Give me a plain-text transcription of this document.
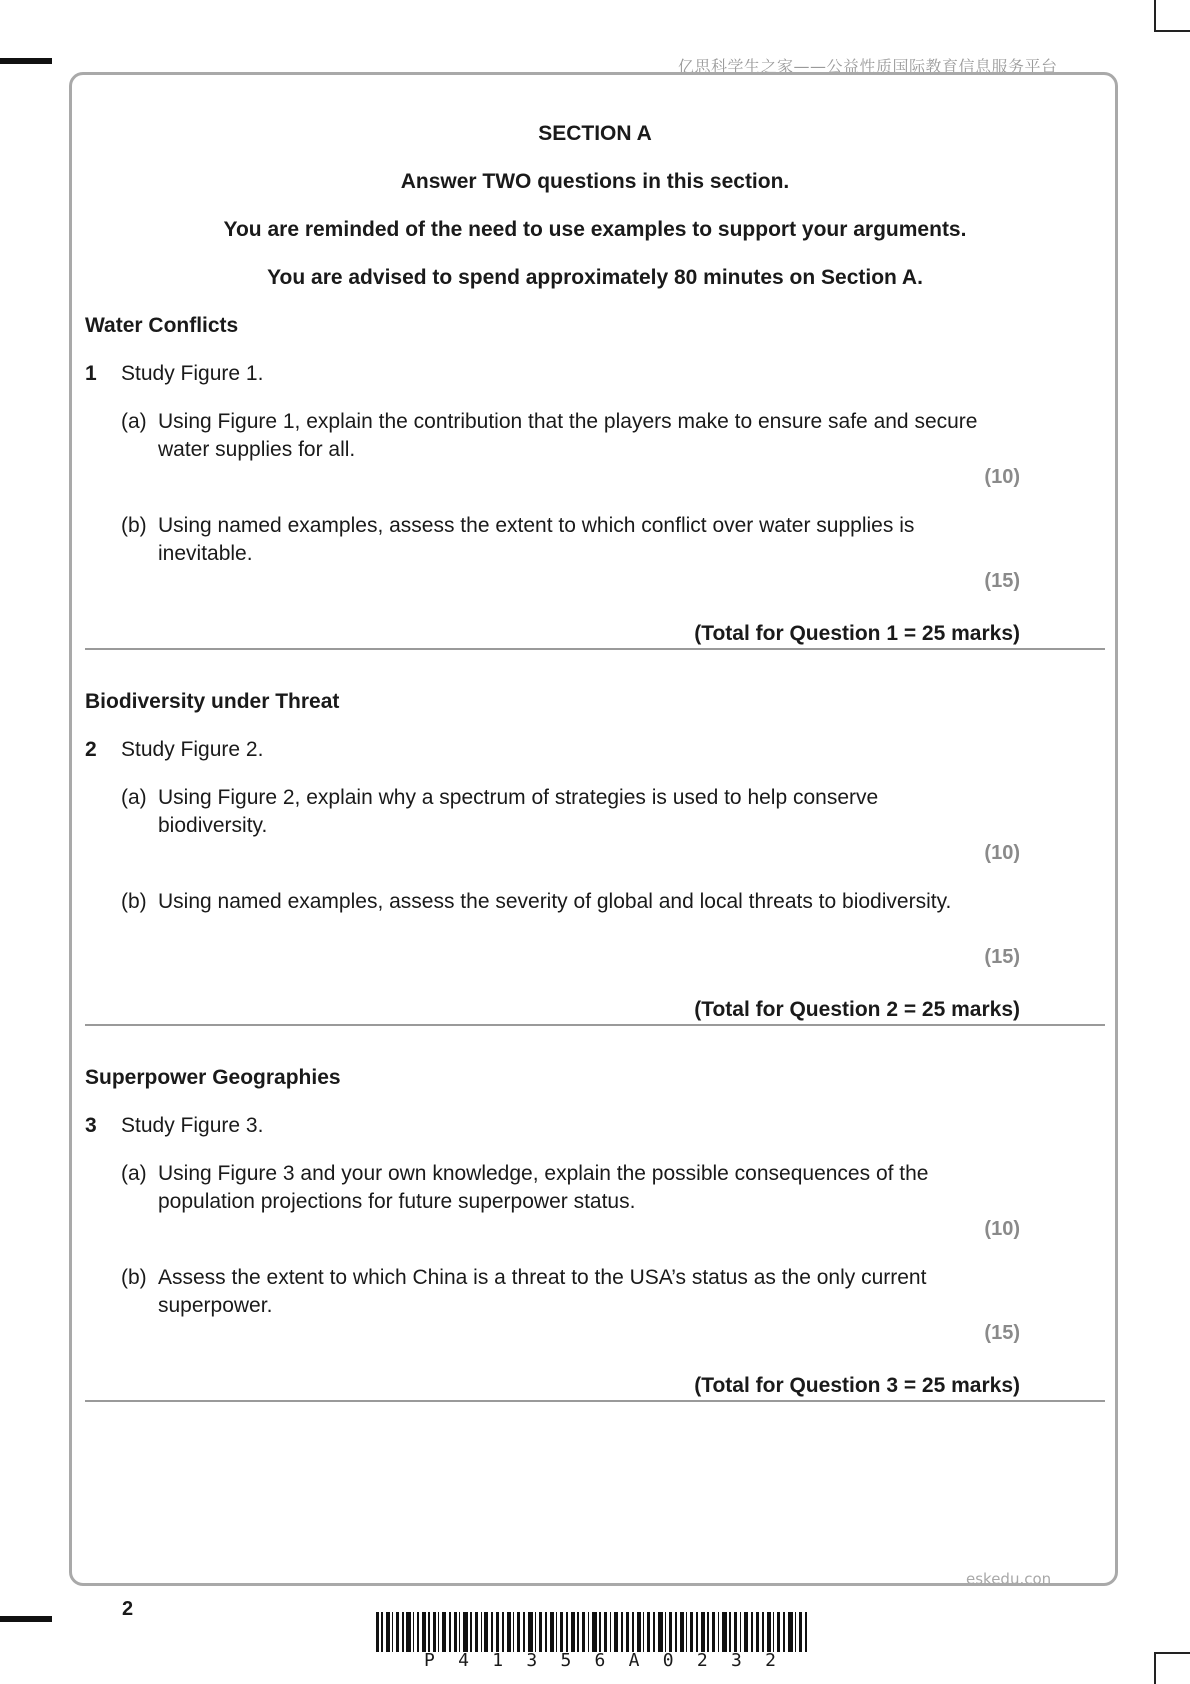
亿思科学生之家——公益性质国际教育信息服务平台
SECTION A
Answer TWO questions in this section.
You are reminded of the need to use examples to support your arguments.
You are advised to spend approximately 80 minutes on Section A.
Water Conflicts
1 Study Figure 1.
(a) Using Figure 1, explain the contribution that the players make to ensure safe and secure water supplies for all.
(10)
(b) Using named examples, assess the extent to which conflict over water supplies is inevitable.
(15)
(Total for Question 1 = 25 marks)
Biodiversity under Threat
2 Study Figure 2.
(a) Using Figure 2, explain why a spectrum of strategies is used to help conserve biodiversity.
(10)
(b) Using named examples, assess the severity of global and local threats to biodiversity.
(15)
(Total for Question 2 = 25 marks)
Superpower Geographies
3 Study Figure 3.
(a) Using Figure 3 and your own knowledge, explain the possible consequences of the population projections for future superpower status.
(10)
(b) Assess the extent to which China is a threat to the USA’s status as the only current superpower.
(15)
(Total for Question 3 = 25 marks)
eskedu.con
2
P 4 1 3 5 6 A 0 2 3 2
